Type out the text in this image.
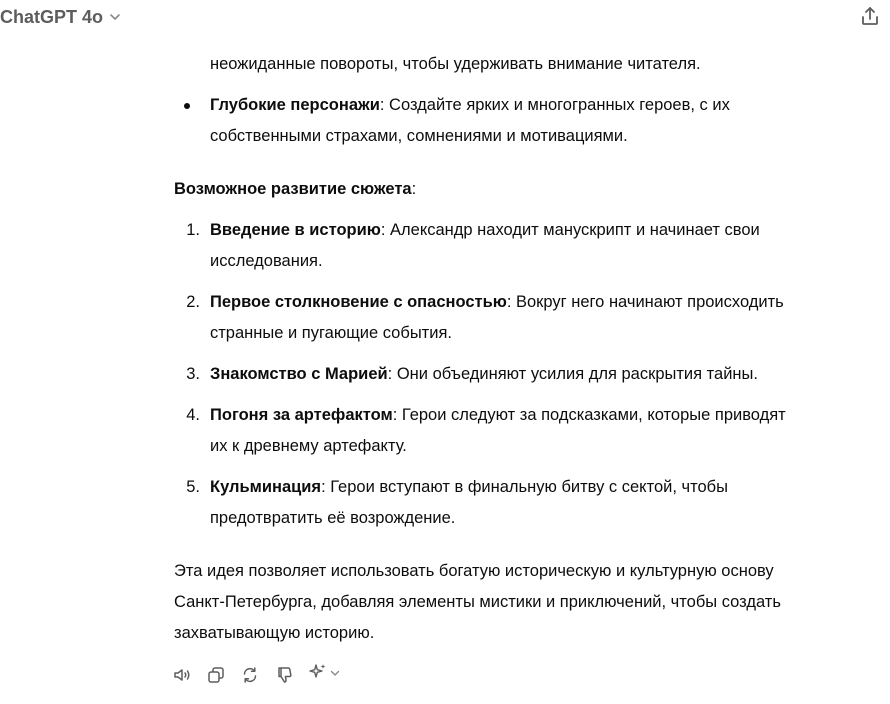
ChatGPT 4o

неожиданные повороты, чтобы удерживать внимание читателя.

Глубокие персонажи: Создайте ярких и многогранных героев, с их

собственными страхами, сомнениями и мотивациями.

Возможное развитие сюжета:

1. Введение в историю: Александр находит манускрипт и начинает свои

исследования.

2. Первое столкновение с опасностью: Вокруг него начинают происходить

странные и пугающие события.

3. Знакомство с Марией: Они объединяют усилия для раскрытия тайны.

4. Погоня за артефактом: Герои следуют за подсказками, которые приводят

их к древнему артефакту.

5. Кульминация: Герои вступают в финальную битву с сектой, чтобы

предотвратить её возрождение.

Эта идея позволяет использовать богатую историческую и культурную основу

Санкт-Петербурга, добавляя элементы мистики и приключений, чтобы создать

захватывающую историю.
